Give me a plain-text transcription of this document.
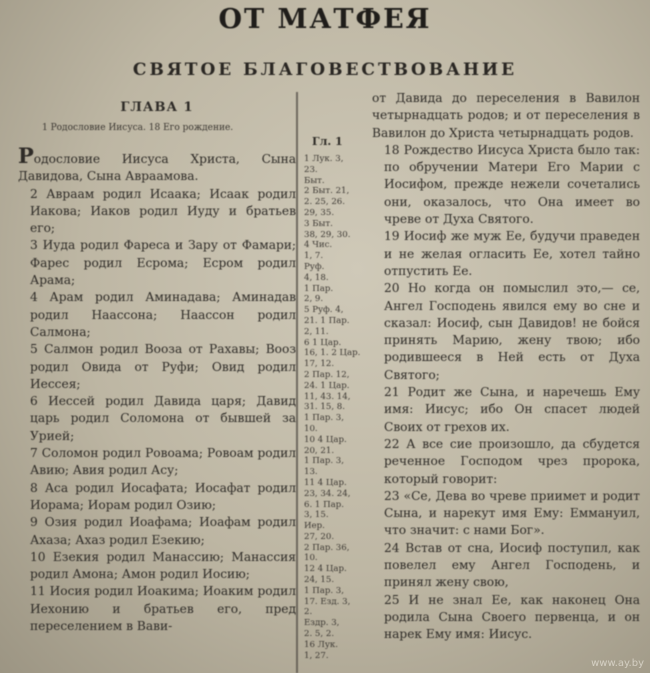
ОТ МАТФЕЯ
СВЯТОЕ БЛАГОВЕСТВОВАНИЕ
ГЛАВА 1
1 Родословие Иисуса. 18 Его рождение.

Родословие Иисуса Христа, Сына Давидова, Сына Авраамова.

2 Авраам родил Исаака; Исаак родил Иакова; Иаков родил Иуду и братьев его;

3 Иуда родил Фареса и Зару от Фамари; Фарес родил Есрома; Есром родил Арама;

4 Арам родил Аминадава; Аминадав родил Наассона; Наассон родил Салмона;

5 Салмон родил Вооза от Рахавы; Вооз родил Овида от Руфи; Овид родил Иессея;

6 Иессей родил Давида царя; Давид царь родил Соломона от бывшей за Урией;

7 Соломон родил Ровоама; Ровоам родил Авию; Авия родил Асу;

8 Аса родил Иосафата; Иосафат родил Иорама; Иорам родил Озию;

9 Озия родил Иоафама; Иоафам родил Ахаза; Ахаз родил Езекию;

10 Езекия родил Манассию; Манассия родил Амона; Амон родил Иосию;

11 Иосия родил Иоакима; Иоаким родил Иехонию и братьев его, пред переселением в Вави-

Гл. 1

1 Лук. 3,

23.

Быт.

2 Быт. 21,

2. 25, 26.

29, 35.

3 Быт.

38, 29, 30.

4 Чис.

1, 7.

Руф.

4, 18.

1 Пар.

2, 9.

5 Руф. 4,

21. 1 Пар.

2, 11.

6 1 Цар.

16, 1. 2 Цар.

17, 12.

2 Пар. 12,

24. 1 Цар.

11, 43. 14,

31. 15, 8.

1 Пар. 3,

10.

10 4 Цар.

20, 21.

1 Пар. 3,

13.

11 4 Цар.

23, 34. 24,

6. 1 Пар.

3, 15.

Иер.

27, 20.

2 Пар. 36,

10.

12 4 Цар.

24, 15.

1 Пар. 3,

17. Езд. 3,

2.

Ездр. 3,

2. 5, 2.

16 Лук.

1, 27.

от Давида до переселения в Вавилон четырнадцать родов; и от переселения в Вавилон до Христа четырнадцать родов.

18 Рождество Иисуса Христа было так: по обручении Матери Его Марии с Иосифом, прежде нежели сочетались они, оказалось, что Она имеет во чреве от Духа Святого.

19 Иосиф же муж Ее, будучи праведен и не желая огласить Ее, хотел тайно отпустить Ее.

20 Но когда он помыслил это,— се, Ангел Господень явился ему во сне и сказал: Иосиф, сын Давидов! не бойся принять Марию, жену твою; ибо родившееся в Ней есть от Духа Святого;

21 Родит же Сына, и наречешь Ему имя: Иисус; ибо Он спасет людей Своих от грехов их.

22 А все сие произошло, да сбудется реченное Господом чрез пророка, который говорит:

23 «Се, Дева во чреве приимет и родит Сына, и нарекут имя Ему: Еммануил, что значит: с нами Бог».

24 Встав от сна, Иосиф поступил, как повелел ему Ангел Господень, и принял жену свою,

25 И не знал Ее, как наконец Она родила Сына Своего первенца, и он нарек Ему имя: Иисус.

www.ay.by
